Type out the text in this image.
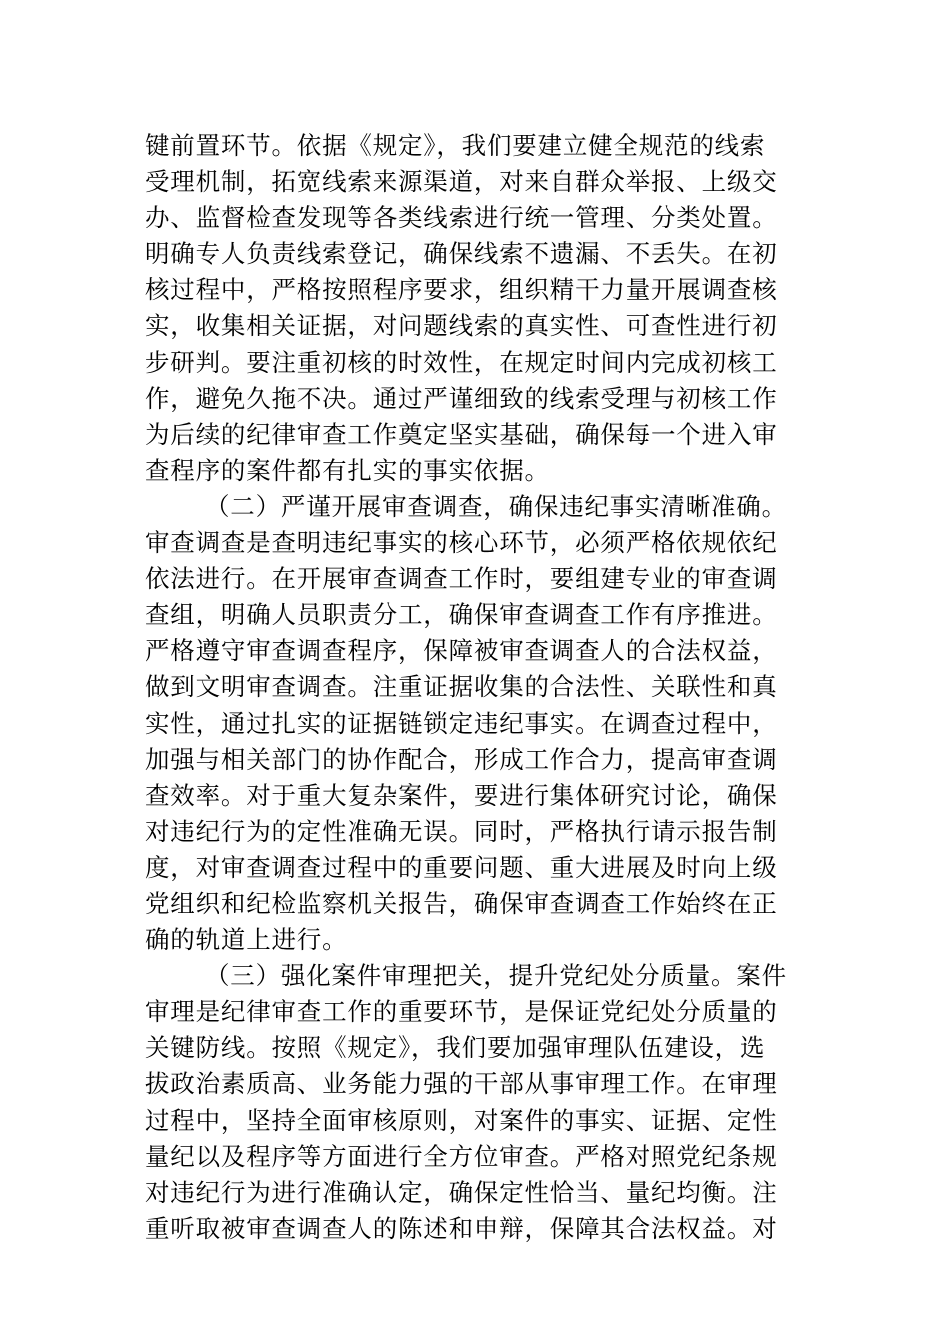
键前置环节。依据《规定》，我们要建立健全规范的线索
受理机制，拓宽线索来源渠道，对来自群众举报、上级交
办、监督检查发现等各类线索进行统一管理、分类处置。
明确专人负责线索登记，确保线索不遗漏、不丢失。在初
核过程中，严格按照程序要求，组织精干力量开展调查核
实，收集相关证据，对问题线索的真实性、可查性进行初
步研判。要注重初核的时效性，在规定时间内完成初核工
作，避免久拖不决。通过严谨细致的线索受理与初核工作
为后续的纪律审查工作奠定坚实基础，确保每一个进入审
查程序的案件都有扎实的事实依据。
（二）严谨开展审查调查，确保违纪事实清晰准确。
审查调查是查明违纪事实的核心环节，必须严格依规依纪
依法进行。在开展审查调查工作时，要组建专业的审查调
查组，明确人员职责分工，确保审查调查工作有序推进。
严格遵守审查调查程序，保障被审查调查人的合法权益，
做到文明审查调查。注重证据收集的合法性、关联性和真
实性，通过扎实的证据链锁定违纪事实。在调查过程中，
加强与相关部门的协作配合，形成工作合力，提高审查调
查效率。对于重大复杂案件，要进行集体研究讨论，确保
对违纪行为的定性准确无误。同时，严格执行请示报告制
度，对审查调查过程中的重要问题、重大进展及时向上级
党组织和纪检监察机关报告，确保审查调查工作始终在正
确的轨道上进行。
（三）强化案件审理把关，提升党纪处分质量。案件
审理是纪律审查工作的重要环节，是保证党纪处分质量的
关键防线。按照《规定》，我们要加强审理队伍建设，选
拔政治素质高、业务能力强的干部从事审理工作。在审理
过程中，坚持全面审核原则，对案件的事实、证据、定性
量纪以及程序等方面进行全方位审查。严格对照党纪条规
对违纪行为进行准确认定，确保定性恰当、量纪均衡。注
重听取被审查调查人的陈述和申辩，保障其合法权益。对
